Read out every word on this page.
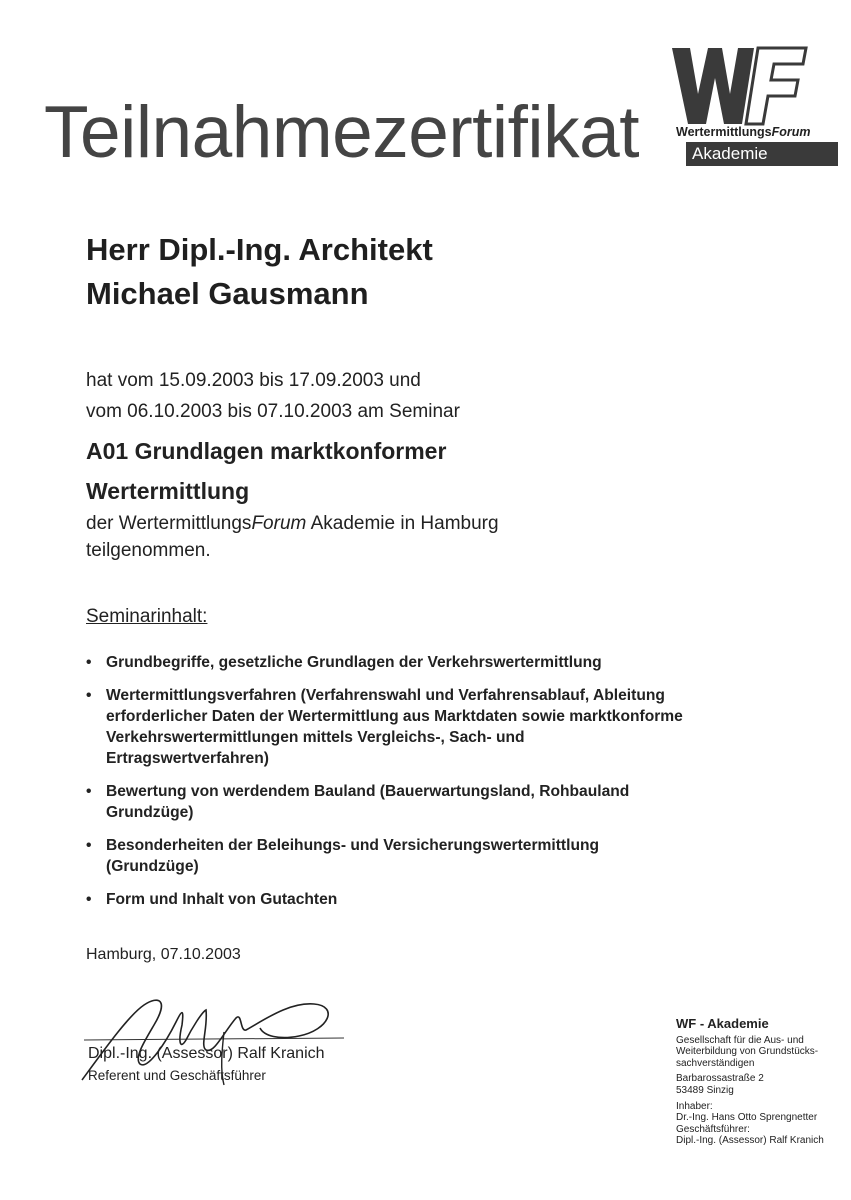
Teilnahmezertifikat	WertermittlungsForum
Akademie
Herr Dipl.-Ing. Architekt
Michael Gausmann
hat vom 15.09.2003 bis 17.09.2003 und
vom 06.10.2003 bis 07.10.2003 am Seminar
A01 Grundlagen marktkonformer
Wertermittlung
der WertermittlungsForum Akademie in Hamburg
teilgenommen.
Seminarinhalt:
• Grundbegriffe, gesetzliche Grundlagen der Verkehrswertermittlung
• Wertermittlungsverfahren (Verfahrenswahl und Verfahrensablauf, Ableitung erforderlicher Daten der Wertermittlung aus Marktdaten sowie marktkonforme Verkehrswertermittlungen mittels Vergleichs-, Sach- und Ertragswertverfahren)
• Bewertung von werdendem Bauland (Bauerwartungsland, Rohbauland Grundzüge)
• Besonderheiten der Beleihungs- und Versicherungswertermittlung (Grundzüge)
• Form und Inhalt von Gutachten
Hamburg, 07.10.2003
Dipl.-Ing. (Assessor) Ralf Kranich
Referent und Geschäftsführer
WF - Akademie
Gesellschaft für die Aus- und
Weiterbildung von Grundstücks-
sachverständigen
Barbarossastraße 2
53489 Sinzig
Inhaber:
Dr.-Ing. Hans Otto Sprengnetter
Geschäftsführer:
Dipl.-Ing. (Assessor) Ralf Kranich
